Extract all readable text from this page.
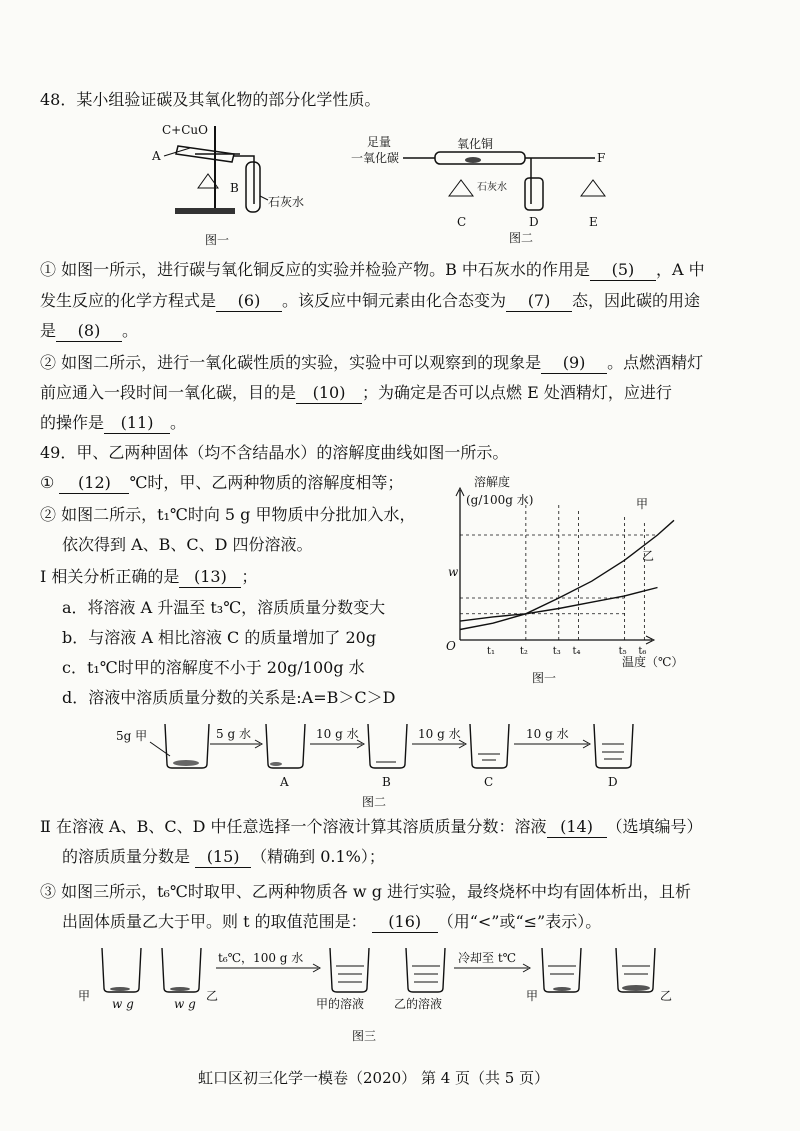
48．某小组验证碳及其氧化物的部分化学性质。
C+CuO
A
B
石灰水
图一
足量
一氧化碳
氧化铜
F
石灰水
C	D	E
图二
① 如图一所示，进行碳与氧化铜反应的实验并检验产物。B 中石灰水的作用是 (5) ，A 中
发生反应的化学方程式是 (6) 。该反应中铜元素由化合态变为 (7) 态，因此碳的用途
是 (8) 。
② 如图二所示，进行一氧化碳性质的实验，实验中可以观察到的现象是 (9) 。点燃酒精灯
前应通入一段时间一氧化碳，目的是 (10) ；为确定是否可以点燃 E 处酒精灯，应进行
的操作是 (11) 。
49．甲、乙两种固体（均不含结晶水）的溶解度曲线如图一所示。
① (12) ℃时，甲、乙两种物质的溶解度相等；
② 如图二所示，t₁℃时向 5 g 甲物质中分批加入水，
依次得到 A、B、C、D 四份溶液。
Ⅰ 相关分析正确的是 (13) ；
a．将溶液 A 升温至 t₃℃，溶质质量分数变大
b．与溶液 A 相比溶液 C 的质量增加了 20g
c．t₁℃时甲的溶解度不小于 20g/100g 水
d．溶液中溶质质量分数的关系是:A=B＞C＞D
溶解度
(g/100g 水)
O
温度（℃）
w
t₁ t₂ t₃ t₄	t₅ t₆
甲
乙
图一
5g 甲	5 g 水
A
10 g 水
B
10 g 水
C
10 g 水
D
图二
Ⅱ 在溶液 A、B、C、D 中任意选择一个溶液计算其溶质质量分数：溶液 (14) （选填编号）
的溶质质量分数是 (15) （精确到 0.1%）；
③ 如图三所示，t₆℃时取甲、乙两种物质各 w g 进行实验，最终烧杯中均有固体析出，且析
出固体质量乙大于甲。则 t 的取值范围是： (16) （用“<”或“≤”表示）。
甲
w g	w g
乙
t₆℃，100 g 水
甲的溶液 乙的溶液
冷却至 t℃
甲	乙
图三
虹口区初三化学一模卷（2020） 第 4 页（共 5 页）
